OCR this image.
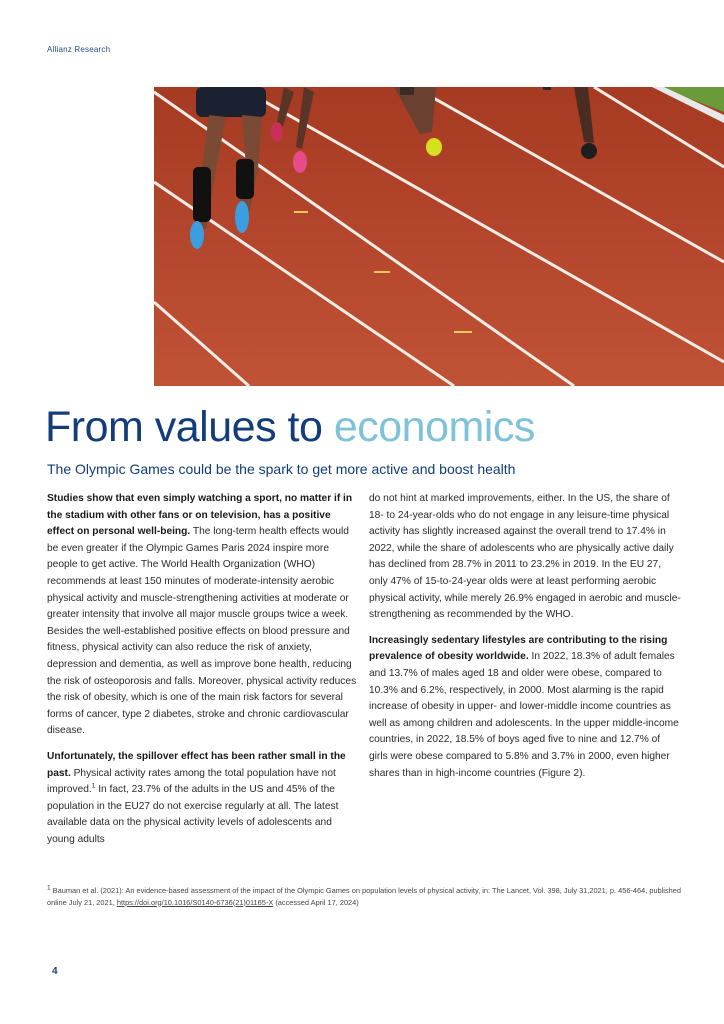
Allianz Research
From values to economics
The Olympic Games could be the spark to get more active and boost health

Studies show that even simply watching a sport, no matter if in the stadium with other fans or on television, has a positive effect on personal well-being. The long-term health effects would be even greater if the Olympic Games Paris 2024 inspire more people to get active. The World Health Organization (WHO) recommends at least 150 minutes of moderate-intensity aerobic physical activity and muscle-strengthening activities at moderate or greater intensity that involve all major muscle groups twice a week. Besides the well-established positive effects on blood pressure and fitness, physical activity can also reduce the risk of anxiety, depression and dementia, as well as improve bone health, reducing the risk of osteoporosis and falls. Moreover, physical activity reduces the risk of obesity, which is one of the main risk factors for several forms of cancer, type 2 diabetes, stroke and chronic cardiovascular disease.

Unfortunately, the spillover effect has been rather small in the past. Physical activity rates among the total population have not improved.$^1$ In fact, 23.7% of the adults in the US and 45% of the population in the EU27 do not exercise regularly at all. The latest available data on the physical activity levels of adolescents and young adults

do not hint at marked improvements, either. In the US, the share of 18- to 24-year-olds who do not engage in any leisure-time physical activity has slightly increased against the overall trend to 17.4% in 2022, while the share of adolescents who are physically active daily has declined from 28.7% in 2011 to 23.2% in 2019. In the EU 27, only 47% of 15-to-24-year olds were at least performing aerobic physical activity, while merely 26.9% engaged in aerobic and muscle-strengthening as recommended by the WHO.

Increasingly sedentary lifestyles are contributing to the rising prevalence of obesity worldwide. In 2022, 18.3% of adult females and 13.7% of males aged 18 and older were obese, compared to 10.3% and 6.2%, respectively, in 2000. Most alarming is the rapid increase of obesity in upper- and lower-middle income countries as well as among children and adolescents. In the upper middle-income countries, in 2022, 18.5% of boys aged five to nine and 12.7% of girls were obese compared to 5.8% and 3.7% in 2000, even higher shares than in high-income countries (Figure 2).

$^1$ Bauman et al. (2021): An evidence-based assessment of the impact of the Olympic Games on population levels of physical activity, in: The Lancet, Vol. 398, July 31,2021, p. 456-464, published online July 21, 2021, https://doi.org/10.1016/S0140-6736(21)01165-X (accessed April 17, 2024)
4
